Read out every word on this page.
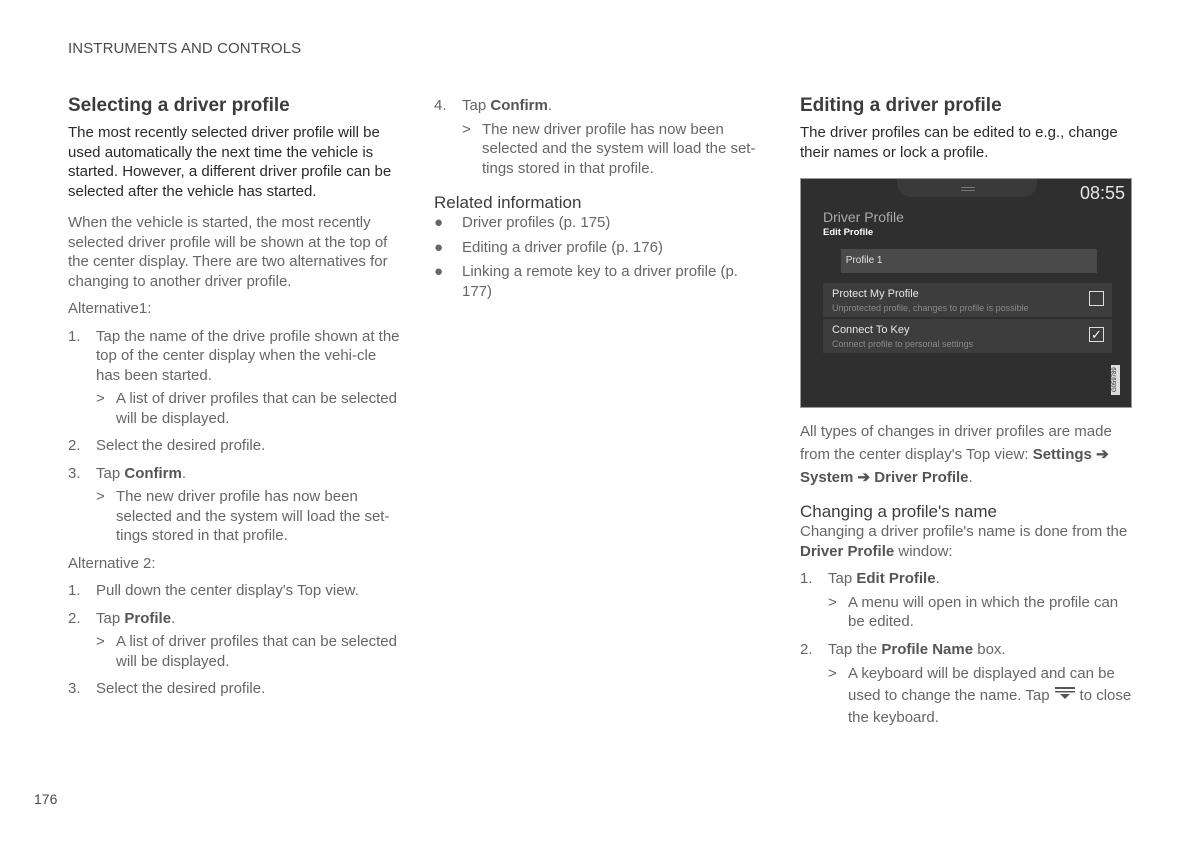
INSTRUMENTS AND CONTROLS
Selecting a driver profile

The most recently selected driver profile will be used automatically the next time the vehicle is started. However, a different driver profile can be selected after the vehicle has started.

When the vehicle is started, the most recently selected driver profile will be shown at the top of the center display. There are two alternatives for changing to another driver profile.

Alternative1:

1.	Tap the name of the drive profile shown at the top of the center display when the vehi-cle has been started.
> A list of driver profiles that can be selected will be displayed.
2.	Select the desired profile.
3.	Tap Confirm.
> The new driver profile has now been selected and the system will load the set-tings stored in that profile.

Alternative 2:

1.	Pull down the center display's Top view.
2.	Tap Profile.
> A list of driver profiles that can be selected will be displayed.
3.	Select the desired profile.
4.	Tap Confirm.
> The new driver profile has now been selected and the system will load the set-tings stored in that profile.
Related information
●	Driver profiles (p. 175)
●	Editing a driver profile (p. 176)
●	Linking a remote key to a driver profile (p. 177)
Editing a driver profile

The driver profiles can be edited to e.g., change their names or lock a profile.

08:55
Driver Profile
Edit Profile
Profile 1
Protect My Profile
Unprotected profile, changes to profile is possible
Connect To Key
Connect profile to personal settings
✓
G059789

All types of changes in driver profiles are made from the center display's Top view: Settings ➔
System ➔ Driver Profile.

Changing a profile's name

Changing a driver profile's name is done from the Driver Profile window:

1.	Tap Edit Profile.
> A menu will open in which the profile can be edited.
2.	Tap the Profile Name box.
> A keyboard will be displayed and can be used to change the name. Tap to close the keyboard.
176
